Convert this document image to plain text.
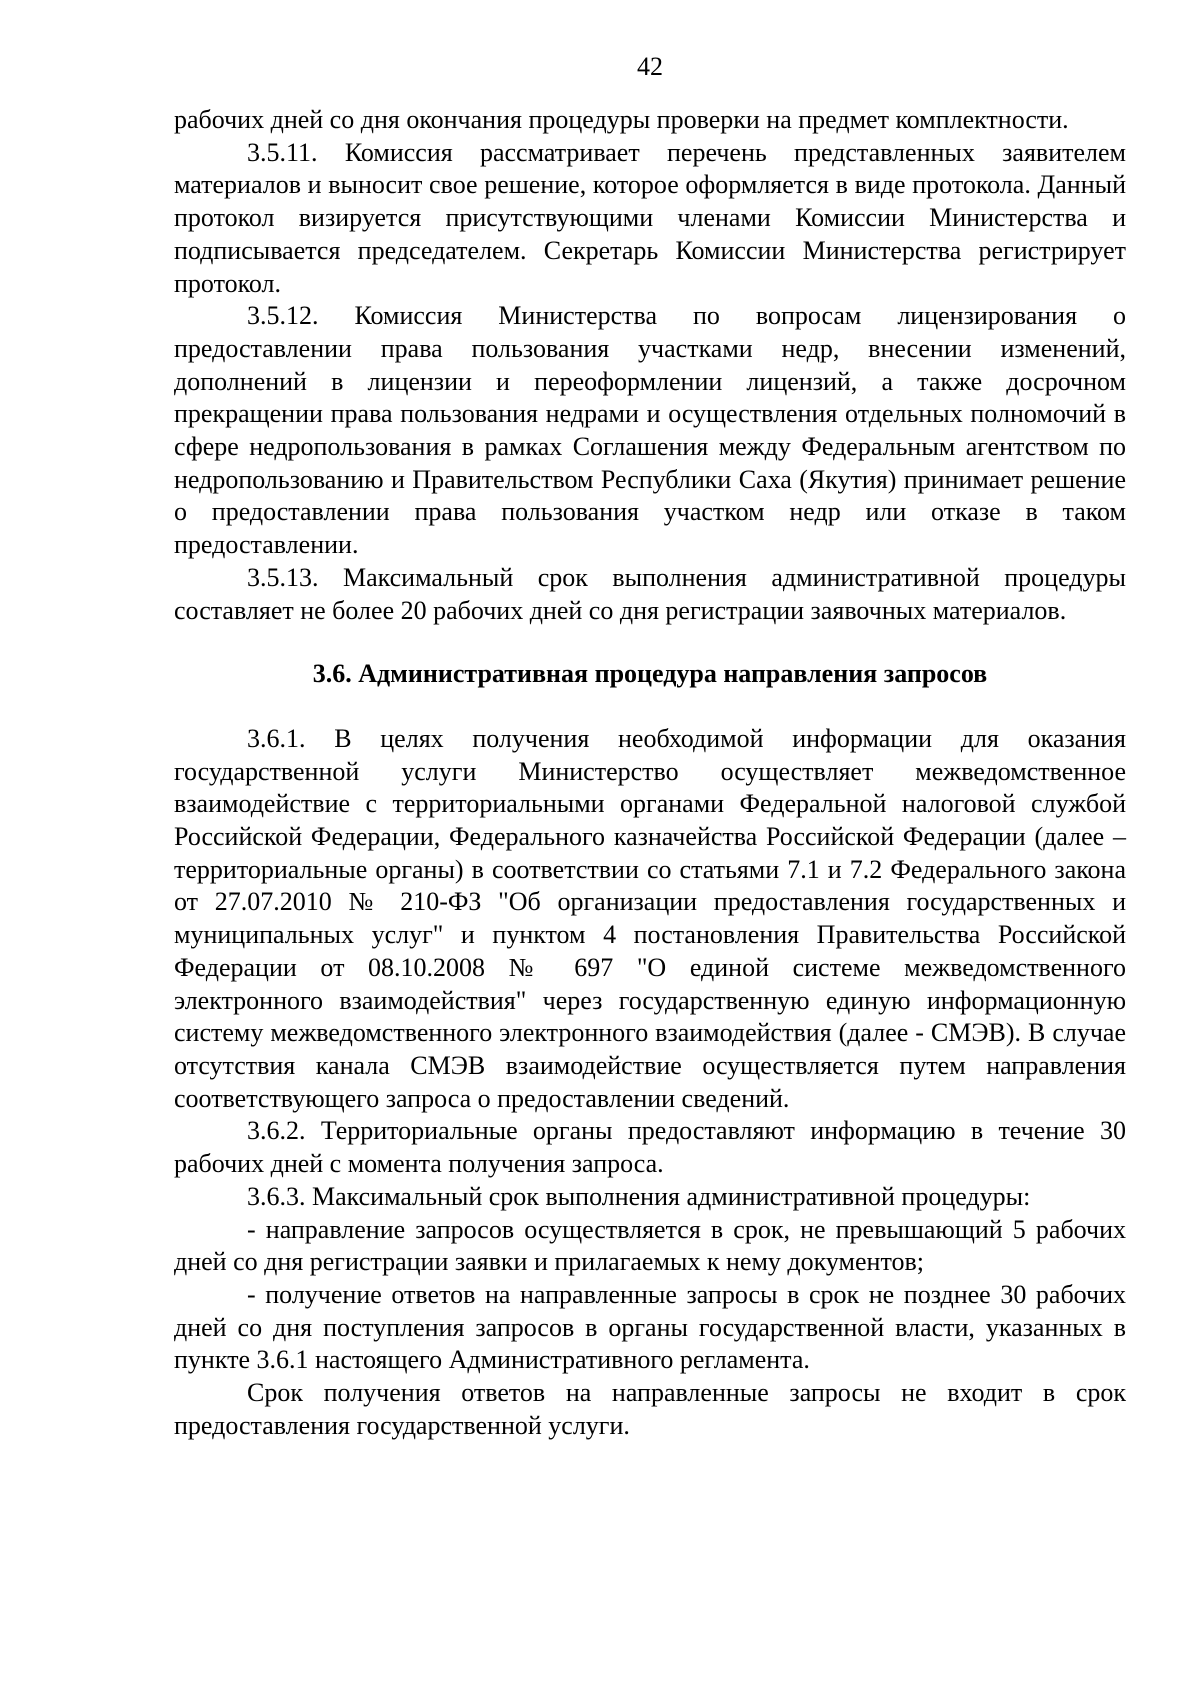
42

рабочих дней со дня окончания процедуры проверки на предмет комплектности.

3.5.11. Комиссия рассматривает перечень представленных заявителем материалов и выносит свое решение, которое оформляется в виде протокола. Данный протокол визируется присутствующими членами Комиссии Министерства и подписывается председателем. Секретарь Комиссии Министерства регистрирует протокол.

3.5.12. Комиссия Министерства по вопросам лицензирования о предоставлении права пользования участками недр, внесении изменений, дополнений в лицензии и переоформлении лицензий, а также досрочном прекращении права пользования недрами и осуществления отдельных полномочий в сфере недропользования в рамках Соглашения между Федеральным агентством по недропользованию и Правительством Республики Саха (Якутия) принимает решение о предоставлении права пользования участком недр или отказе в таком предоставлении.

3.5.13. Максимальный срок выполнения административной процедуры составляет не более 20 рабочих дней со дня регистрации заявочных материалов.

3.6. Административная процедура направления запросов

3.6.1. В целях получения необходимой информации для оказания государственной услуги Министерство осуществляет межведомственное взаимодействие с территориальными органами Федеральной налоговой службой Российской Федерации, Федерального казначейства Российской Федерации (далее – территориальные органы) в соответствии со статьями 7.1 и 7.2 Федерального закона от 27.07.2010 № 210-ФЗ "Об организации предоставления государственных и муниципальных услуг" и пунктом 4 постановления Правительства Российской Федерации от 08.10.2008 № 697 "О единой системе межведомственного электронного взаимодействия" через государственную единую информационную систему межведомственного электронного взаимодействия (далее - СМЭВ). В случае отсутствия канала СМЭВ взаимодействие осуществляется путем направления соответствующего запроса о предоставлении сведений.

3.6.2. Территориальные органы предоставляют информацию в течение 30 рабочих дней с момента получения запроса.

3.6.3. Максимальный срок выполнения административной процедуры:

- направление запросов осуществляется в срок, не превышающий 5 рабочих дней со дня регистрации заявки и прилагаемых к нему документов;

- получение ответов на направленные запросы в срок не позднее 30 рабочих дней со дня поступления запросов в органы государственной власти, указанных в пункте 3.6.1 настоящего Административного регламента.

Срок получения ответов на направленные запросы не входит в срок предоставления государственной услуги.
